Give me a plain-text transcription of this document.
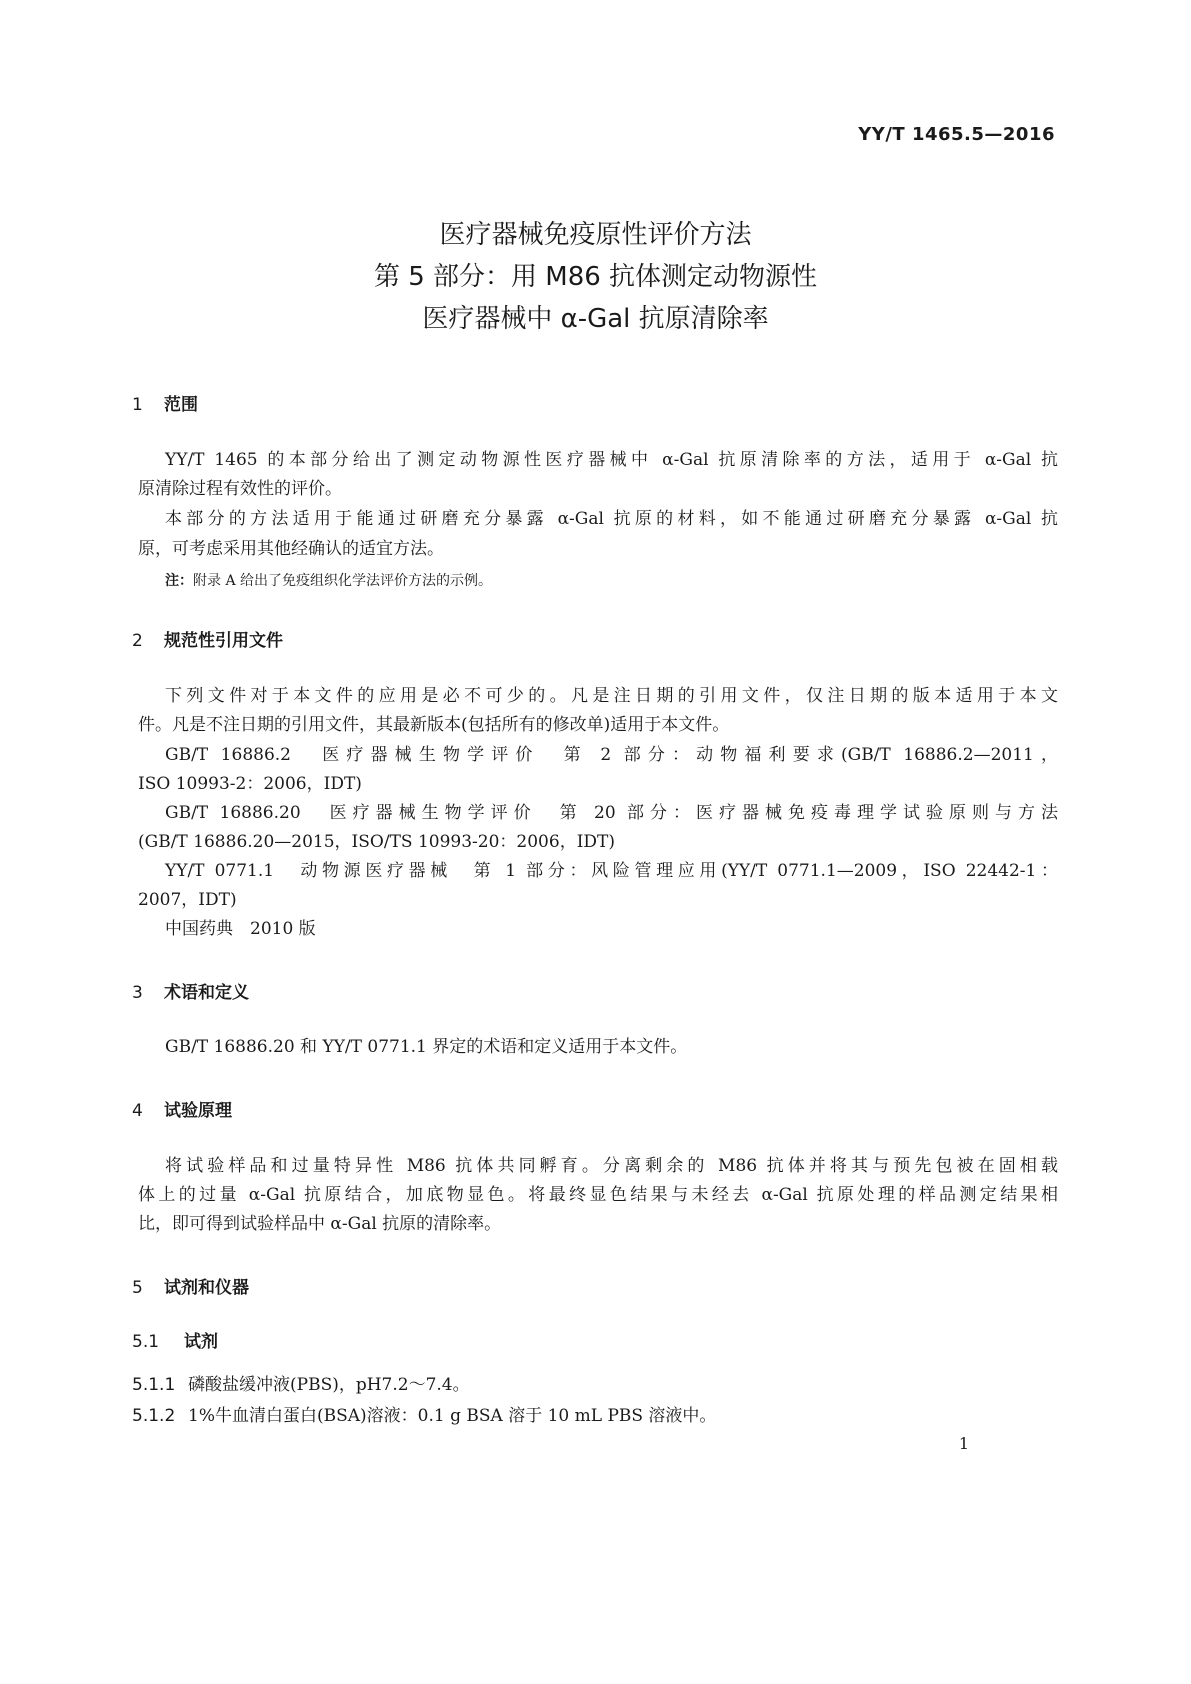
YY/T 1465.5—2016
医疗器械免疫原性评价方法
第 5 部分：用 M86 抗体测定动物源性
医疗器械中 α-Gal 抗原清除率
1 范围
YY/T 1465 的本部分给出了测定动物源性医疗器械中 α-Gal 抗原清除率的方法，适用于 α-Gal 抗
原清除过程有效性的评价。
本部分的方法适用于能通过研磨充分暴露 α-Gal 抗原的材料，如不能通过研磨充分暴露 α-Gal 抗
原，可考虑采用其他经确认的适宜方法。
注：附录 A 给出了免疫组织化学法评价方法的示例。
2 规范性引用文件
下列文件对于本文件的应用是必不可少的。凡是注日期的引用文件，仅注日期的版本适用于本文
件。凡是不注日期的引用文件，其最新版本(包括所有的修改单)适用于本文件。
GB/T 16886.2　医疗器械生物学评价　第 2 部分：动物福利要求(GB/T 16886.2—2011，
ISO 10993-2：2006，IDT)
GB/T 16886.20　医疗器械生物学评价　第 20 部分：医疗器械免疫毒理学试验原则与方法
(GB/T 16886.20—2015，ISO/TS 10993-20：2006，IDT)
YY/T 0771.1　动物源医疗器械　第 1 部分：风险管理应用(YY/T 0771.1—2009，ISO 22442-1：
2007，IDT)
中国药典　2010 版
3 术语和定义
GB/T 16886.20 和 YY/T 0771.1 界定的术语和定义适用于本文件。
4 试验原理
将试验样品和过量特异性 M86 抗体共同孵育。分离剩余的 M86 抗体并将其与预先包被在固相载
体上的过量 α-Gal 抗原结合，加底物显色。将最终显色结果与未经去 α-Gal 抗原处理的样品测定结果相
比，即可得到试验样品中 α-Gal 抗原的清除率。
5 试剂和仪器
5.1 试剂
5.1.1 磷酸盐缓冲液(PBS)，pH7.2～7.4。
5.1.2 1%牛血清白蛋白(BSA)溶液：0.1 g BSA 溶于 10 mL PBS 溶液中。
1
